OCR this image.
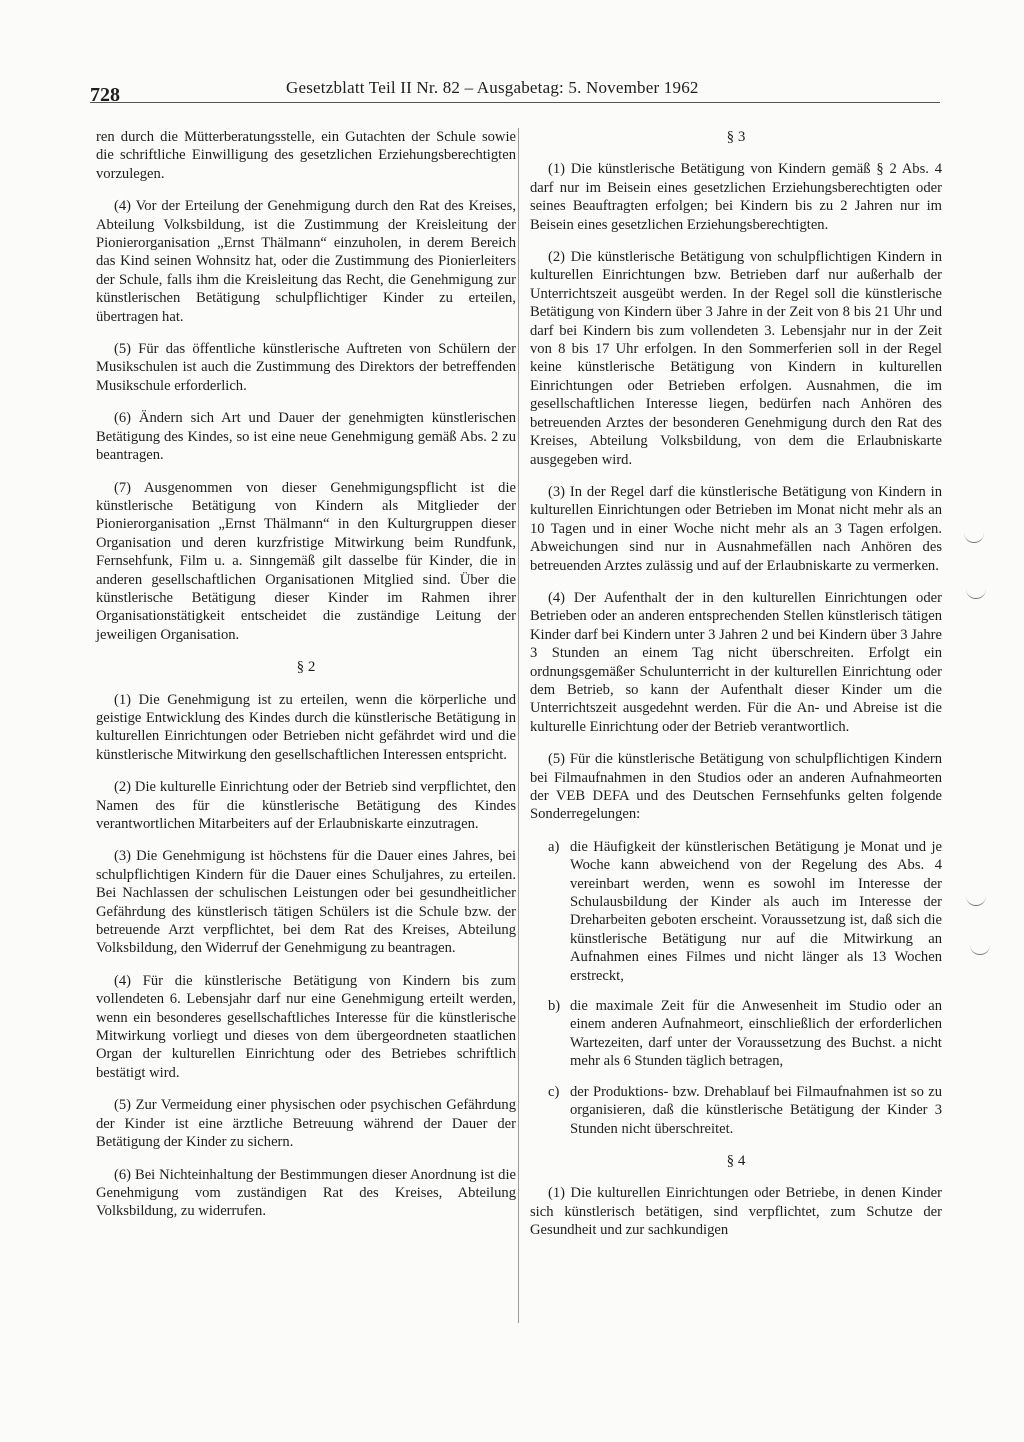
728	Gesetzblatt Teil II Nr. 82 – Ausgabetag: 5. November 1962

ren durch die Mütterberatungsstelle, ein Gutachten der Schule sowie die schriftliche Einwilligung des gesetzlichen Erziehungsberechtigten vorzulegen.

(4) Vor der Erteilung der Genehmigung durch den Rat des Kreises, Abteilung Volksbildung, ist die Zustimmung der Kreisleitung der Pionierorganisation „Ernst Thälmann“ einzuholen, in derem Bereich das Kind seinen Wohnsitz hat, oder die Zustimmung des Pionierleiters der Schule, falls ihm die Kreisleitung das Recht, die Genehmigung zur künstlerischen Betätigung schulpflichtiger Kinder zu erteilen, übertragen hat.

(5) Für das öffentliche künstlerische Auftreten von Schülern der Musikschulen ist auch die Zustimmung des Direktors der betreffenden Musikschule erforderlich.

(6) Ändern sich Art und Dauer der genehmigten künstlerischen Betätigung des Kindes, so ist eine neue Genehmigung gemäß Abs. 2 zu beantragen.

(7) Ausgenommen von dieser Genehmigungspflicht ist die künstlerische Betätigung von Kindern als Mitglieder der Pionierorganisation „Ernst Thälmann“ in den Kulturgruppen dieser Organisation und deren kurzfristige Mitwirkung beim Rundfunk, Fernsehfunk, Film u. a. Sinngemäß gilt dasselbe für Kinder, die in anderen gesellschaftlichen Organisationen Mitglied sind. Über die künstlerische Betätigung dieser Kinder im Rahmen ihrer Organisationstätigkeit entscheidet die zuständige Leitung der jeweiligen Organisation.

§ 2

(1) Die Genehmigung ist zu erteilen, wenn die körperliche und geistige Entwicklung des Kindes durch die künstlerische Betätigung in kulturellen Einrichtungen oder Betrieben nicht gefährdet wird und die künstlerische Mitwirkung den gesellschaftlichen Interessen entspricht.

(2) Die kulturelle Einrichtung oder der Betrieb sind verpflichtet, den Namen des für die künstlerische Betätigung des Kindes verantwortlichen Mitarbeiters auf der Erlaubniskarte einzutragen.

(3) Die Genehmigung ist höchstens für die Dauer eines Jahres, bei schulpflichtigen Kindern für die Dauer eines Schuljahres, zu erteilen. Bei Nachlassen der schulischen Leistungen oder bei gesundheitlicher Gefährdung des künstlerisch tätigen Schülers ist die Schule bzw. der betreuende Arzt verpflichtet, bei dem Rat des Kreises, Abteilung Volksbildung, den Widerruf der Genehmigung zu beantragen.

(4) Für die künstlerische Betätigung von Kindern bis zum vollendeten 6. Lebensjahr darf nur eine Genehmigung erteilt werden, wenn ein besonderes gesellschaftliches Interesse für die künstlerische Mitwirkung vorliegt und dieses von dem übergeordneten staatlichen Organ der kulturellen Einrichtung oder des Betriebes schriftlich bestätigt wird.

(5) Zur Vermeidung einer physischen oder psychischen Gefährdung der Kinder ist eine ärztliche Betreuung während der Dauer der Betätigung der Kinder zu sichern.

(6) Bei Nichteinhaltung der Bestimmungen dieser Anordnung ist die Genehmigung vom zuständigen Rat des Kreises, Abteilung Volksbildung, zu widerrufen.

§ 3

(1) Die künstlerische Betätigung von Kindern gemäß § 2 Abs. 4 darf nur im Beisein eines gesetzlichen Erziehungsberechtigten oder seines Beauftragten erfolgen; bei Kindern bis zu 2 Jahren nur im Beisein eines gesetzlichen Erziehungsberechtigten.

(2) Die künstlerische Betätigung von schulpflichtigen Kindern in kulturellen Einrichtungen bzw. Betrieben darf nur außerhalb der Unterrichtszeit ausgeübt werden. In der Regel soll die künstlerische Betätigung von Kindern über 3 Jahre in der Zeit von 8 bis 21 Uhr und darf bei Kindern bis zum vollendeten 3. Lebensjahr nur in der Zeit von 8 bis 17 Uhr erfolgen. In den Sommerferien soll in der Regel keine künstlerische Betätigung von Kindern in kulturellen Einrichtungen oder Betrieben erfolgen. Ausnahmen, die im gesellschaftlichen Interesse liegen, bedürfen nach Anhören des betreuenden Arztes der besonderen Genehmigung durch den Rat des Kreises, Abteilung Volksbildung, von dem die Erlaubniskarte ausgegeben wird.

(3) In der Regel darf die künstlerische Betätigung von Kindern in kulturellen Einrichtungen oder Betrieben im Monat nicht mehr als an 10 Tagen und in einer Woche nicht mehr als an 3 Tagen erfolgen. Abweichungen sind nur in Ausnahmefällen nach Anhören des betreuenden Arztes zulässig und auf der Erlaubniskarte zu vermerken.

(4) Der Aufenthalt der in den kulturellen Einrichtungen oder Betrieben oder an anderen entsprechenden Stellen künstlerisch tätigen Kinder darf bei Kindern unter 3 Jahren 2 und bei Kindern über 3 Jahre 3 Stunden an einem Tag nicht überschreiten. Erfolgt ein ordnungsgemäßer Schulunterricht in der kulturellen Einrichtung oder dem Betrieb, so kann der Aufenthalt dieser Kinder um die Unterrichtszeit ausgedehnt werden. Für die An- und Abreise ist die kulturelle Einrichtung oder der Betrieb verantwortlich.

(5) Für die künstlerische Betätigung von schulpflichtigen Kindern bei Filmaufnahmen in den Studios oder an anderen Aufnahmeorten der VEB DEFA und des Deutschen Fernsehfunks gelten folgende Sonderregelungen:

a) die Häufigkeit der künstlerischen Betätigung je Monat und je Woche kann abweichend von der Regelung des Abs. 4 vereinbart werden, wenn es sowohl im Interesse der Schulausbildung der Kinder als auch im Interesse der Dreharbeiten geboten erscheint. Voraussetzung ist, daß sich die künstlerische Betätigung nur auf die Mitwirkung an Aufnahmen eines Filmes und nicht länger als 13 Wochen erstreckt,
b) die maximale Zeit für die Anwesenheit im Studio oder an einem anderen Aufnahmeort, einschließlich der erforderlichen Wartezeiten, darf unter der Voraussetzung des Buchst. a nicht mehr als 6 Stunden täglich betragen,
c) der Produktions- bzw. Drehablauf bei Filmaufnahmen ist so zu organisieren, daß die künstlerische Betätigung der Kinder 3 Stunden nicht überschreitet.
§ 4

(1) Die kulturellen Einrichtungen oder Betriebe, in denen Kinder sich künstlerisch betätigen, sind verpflichtet, zum Schutze der Gesundheit und zur sachkundigen
